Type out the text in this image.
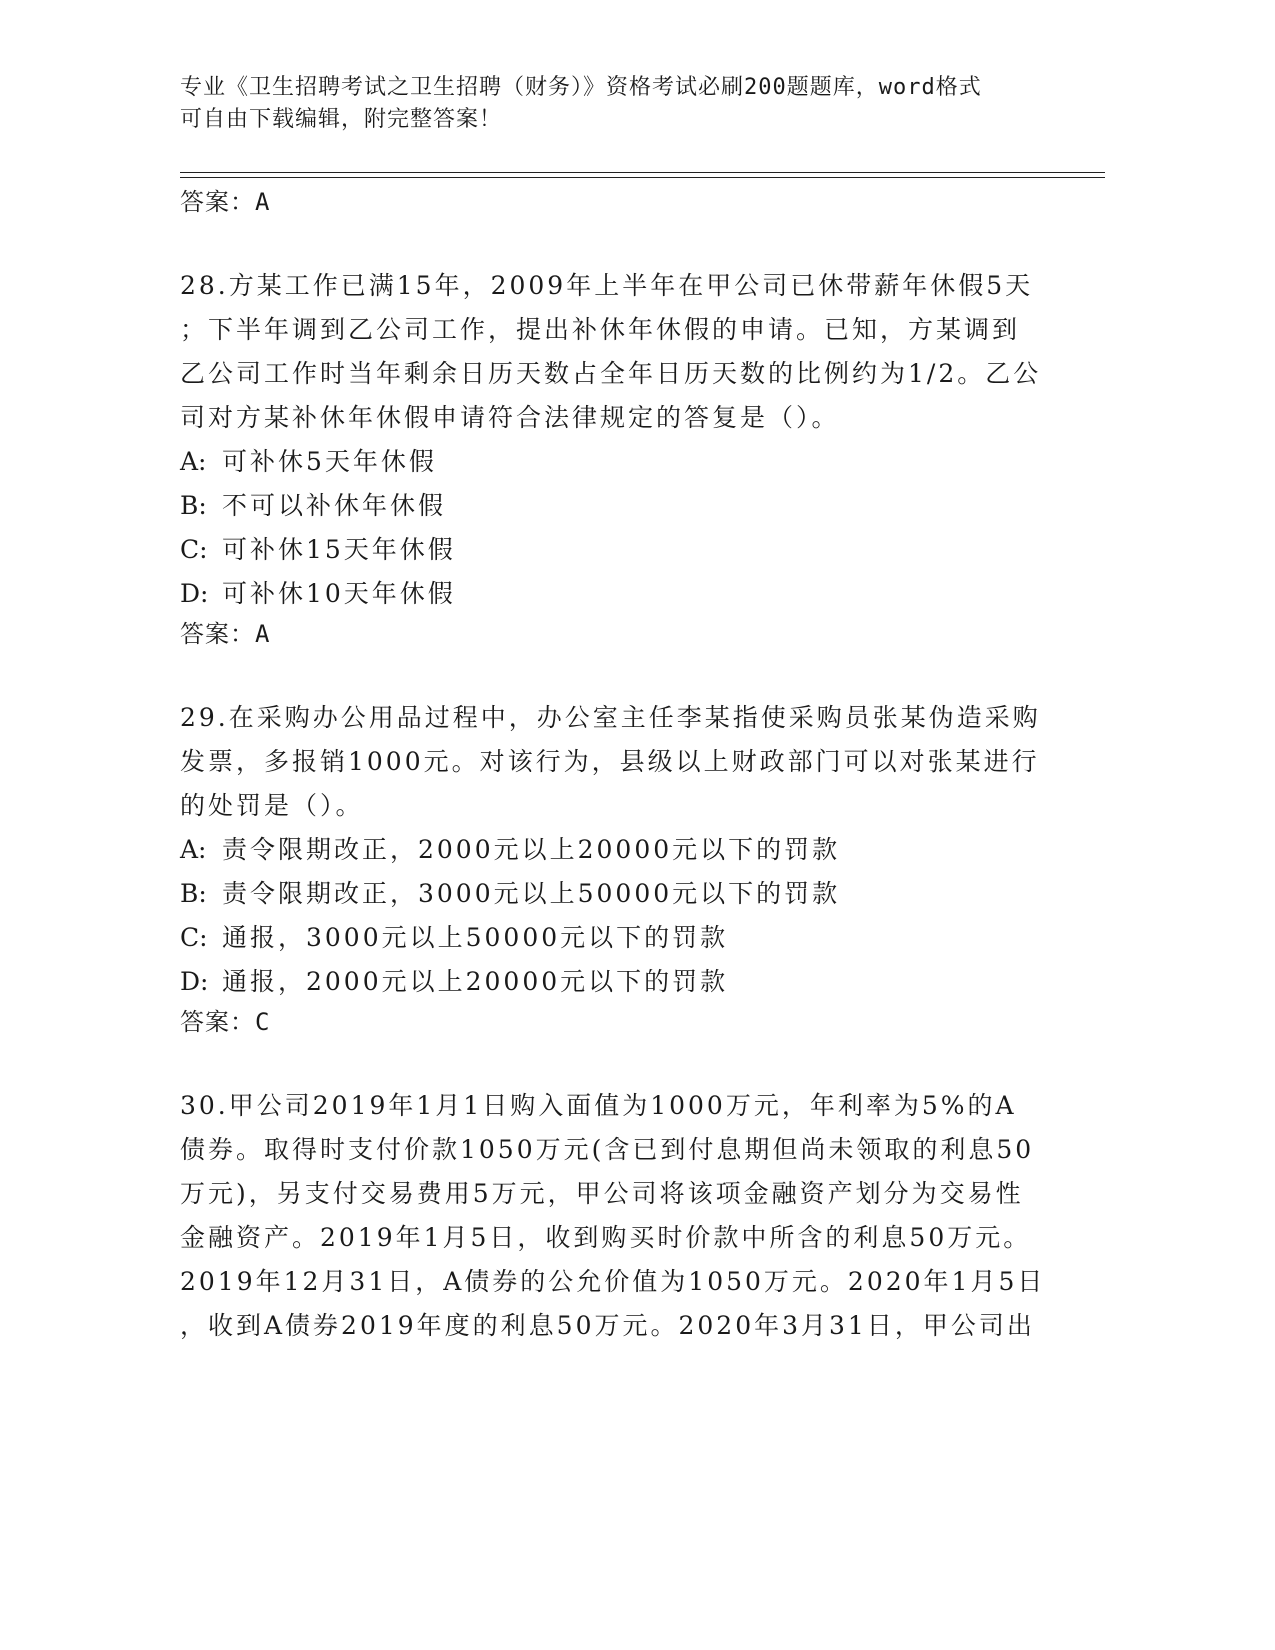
专业《卫生招聘考试之卫生招聘（财务）》资格考试必刷200题题库，word格式
可自由下载编辑，附完整答案！
答案：A
28.方某工作已满15年，2009年上半年在甲公司已休带薪年休假5天
；下半年调到乙公司工作，提出补休年休假的申请。已知，方某调到
乙公司工作时当年剩余日历天数占全年日历天数的比例约为1/2。乙公
司对方某补休年休假申请符合法律规定的答复是（）。
A: 可补休5天年休假
B: 不可以补休年休假
C: 可补休15天年休假
D: 可补休10天年休假
答案：A
29.在采购办公用品过程中，办公室主任李某指使采购员张某伪造采购
发票，多报销1000元。对该行为，县级以上财政部门可以对张某进行
的处罚是（）。
A: 责令限期改正，2000元以上20000元以下的罚款
B: 责令限期改正，3000元以上50000元以下的罚款
C: 通报，3000元以上50000元以下的罚款
D: 通报，2000元以上20000元以下的罚款
答案：C
30.甲公司2019年1月1日购入面值为1000万元，年利率为5%的A
债券。取得时支付价款1050万元(含已到付息期但尚未领取的利息50
万元)，另支付交易费用5万元，甲公司将该项金融资产划分为交易性
金融资产。2019年1月5日，收到购买时价款中所含的利息50万元。
2019年12月31日，A债券的公允价值为1050万元。2020年1月5日
，收到A债券2019年度的利息50万元。2020年3月31日，甲公司出
